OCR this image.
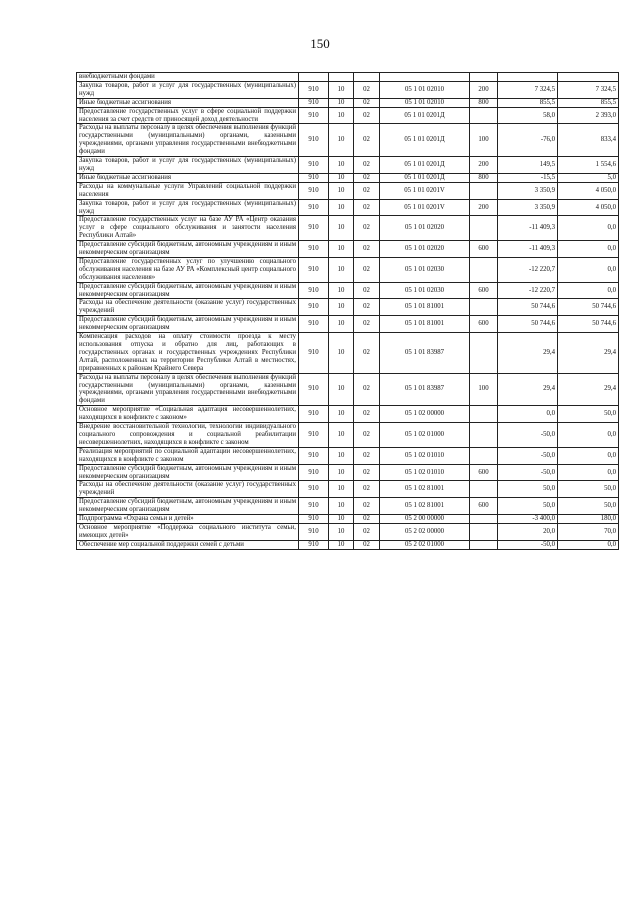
150
внебюджетными фондами							
Закупка товаров, работ и услуг для государственных (муниципальных) нужд	910	10	02	05 1 01 02010	200	7 324,5	7 324,5
Иные бюджетные ассигнования	910	10	02	05 1 01 02010	800	855,5	855,5
Предоставление государственных услуг в сфере социальной поддержки населения за счет средств от приносящей доход деятельности	910	10	02	05 1 01 0201Д		58,0	2 393,0
Расходы на выплаты персоналу в целях обеспечения выполнения функций государственными (муниципальными) органами, казенными учреждениями, органами управления государственными внебюджетными фондами	910	10	02	05 1 01 0201Д	100	-76,0	833,4
Закупка товаров, работ и услуг для государственных (муниципальных) нужд	910	10	02	05 1 01 0201Д	200	149,5	1 554,6
Иные бюджетные ассигнования	910	10	02	05 1 01 0201Д	800	-15,5	5,0
Расходы на коммунальные услуги Управлений социальной поддержки населения	910	10	02	05 1 01 0201V		3 350,9	4 050,0
Закупка товаров, работ и услуг для государственных (муниципальных) нужд	910	10	02	05 1 01 0201V	200	3 350,9	4 050,0
Предоставление государственных услуг на базе АУ РА «Центр оказания услуг в сфере социального обслуживания и занятости населения Республики Алтай»	910	10	02	05 1 01 02020		-11 409,3	0,0
Предоставление субсидий бюджетным, автономным учреждениям и иным некоммерческим организациям	910	10	02	05 1 01 02020	600	-11 409,3	0,0
Предоставление государственных услуг по улучшению социального обслуживания населения на базе АУ РА «Комплексный центр социального обслуживания населения»	910	10	02	05 1 01 02030		-12 220,7	0,0
Предоставление субсидий бюджетным, автономным учреждениям и иным некоммерческим организациям	910	10	02	05 1 01 02030	600	-12 220,7	0,0
Расходы на обеспечение деятельности (оказание услуг) государственных учреждений	910	10	02	05 1 01 81001		50 744,6	50 744,6
Предоставление субсидий бюджетным, автономным учреждениям и иным некоммерческим организациям	910	10	02	05 1 01 81001	600	50 744,6	50 744,6
Компенсация расходов на оплату стоимости проезда к месту использования отпуска и обратно для лиц, работающих в государственных органах и государственных учреждениях Республики Алтай, расположенных на территории Республики Алтай в местностях, приравненных к районам Крайнего Севера	910	10	02	05 1 01 83987		29,4	29,4
Расходы на выплаты персоналу в целях обеспечения выполнения функций государственными (муниципальными) органами, казенными учреждениями, органами управления государственными внебюджетными фондами	910	10	02	05 1 01 83987	100	29,4	29,4
Основное мероприятие «Социальная адаптация несовершеннолетних, находящихся в конфликте с законом»	910	10	02	05 1 02 00000		0,0	50,0
Внедрение восстановительной технологии, технологии индивидуального социального сопровождения и социальной реабилитации несовершеннолетних, находящихся в конфликте с законом	910	10	02	05 1 02 01000		-50,0	0,0
Реализация мероприятий по социальной адаптации несовершеннолетних, находящихся в конфликте с законом	910	10	02	05 1 02 01010		-50,0	0,0
Предоставление субсидий бюджетным, автономным учреждениям и иным некоммерческим организациям	910	10	02	05 1 02 01010	600	-50,0	0,0
Расходы на обеспечение деятельности (оказание услуг) государственных учреждений	910	10	02	05 1 02 81001		50,0	50,0
Предоставление субсидий бюджетным, автономным учреждениям и иным некоммерческим организациям	910	10	02	05 1 02 81001	600	50,0	50,0
Подпрограмма «Охрана семьи и детей»	910	10	02	05 2 00 00000		-3 400,0	180,0
Основное мероприятие «Поддержка социального института семьи, имеющих детей»	910	10	02	05 2 02 00000		20,0	70,0
Обеспечение мер социальной поддержки семей с детьми	910	10	02	05 2 02 01000		-50,0	0,0
